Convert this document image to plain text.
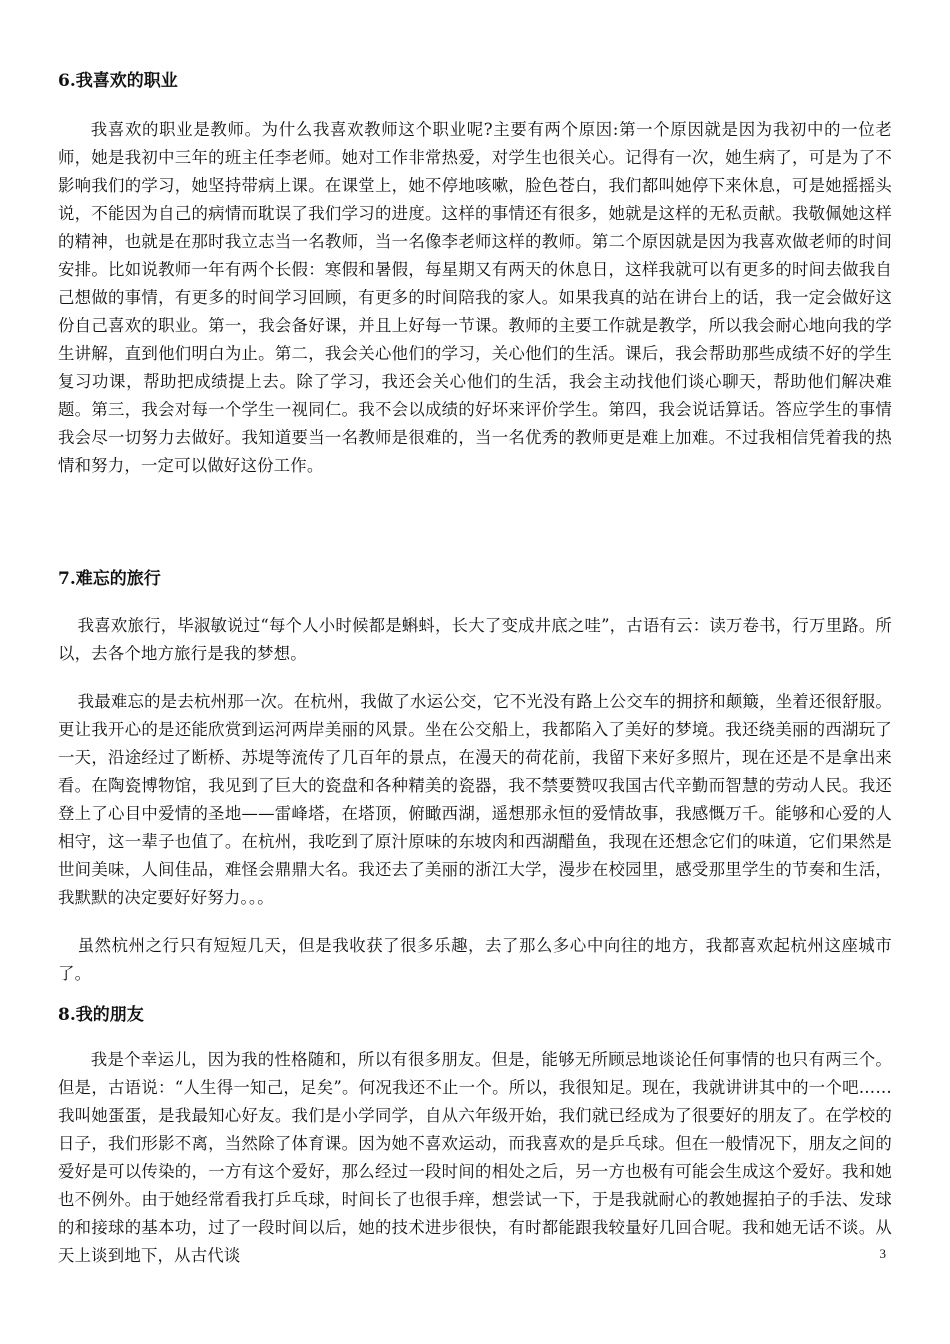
6.我喜欢的职业

我喜欢的职业是教师。为什么我喜欢教师这个职业呢?主要有两个原因:第一个原因就是因为我初中的一位老师，她是我初中三年的班主任李老师。她对工作非常热爱，对学生也很关心。记得有一次，她生病了，可是为了不影响我们的学习，她坚持带病上课。在课堂上，她不停地咳嗽，脸色苍白，我们都叫她停下来休息，可是她摇摇头说，不能因为自己的病情而耽误了我们学习的进度。这样的事情还有很多，她就是这样的无私贡献。我敬佩她这样的精神，也就是在那时我立志当一名教师，当一名像李老师这样的教师。第二个原因就是因为我喜欢做老师的时间安排。比如说教师一年有两个长假：寒假和暑假，每星期又有两天的休息日，这样我就可以有更多的时间去做我自己想做的事情，有更多的时间学习回顾，有更多的时间陪我的家人。如果我真的站在讲台上的话，我一定会做好这份自己喜欢的职业。第一，我会备好课，并且上好每一节课。教师的主要工作就是教学，所以我会耐心地向我的学生讲解，直到他们明白为止。第二，我会关心他们的学习，关心他们的生活。课后，我会帮助那些成绩不好的学生复习功课，帮助把成绩提上去。除了学习，我还会关心他们的生活，我会主动找他们谈心聊天，帮助他们解决难题。第三，我会对每一个学生一视同仁。我不会以成绩的好坏来评价学生。第四，我会说话算话。答应学生的事情我会尽一切努力去做好。我知道要当一名教师是很难的，当一名优秀的教师更是难上加难。不过我相信凭着我的热情和努力，一定可以做好这份工作。

7.难忘的旅行

我喜欢旅行，毕淑敏说过“每个人小时候都是蝌蚪，长大了变成井底之哇”，古语有云：读万卷书，行万里路。所以，去各个地方旅行是我的梦想。

我最难忘的是去杭州那一次。在杭州，我做了水运公交，它不光没有路上公交车的拥挤和颠簸，坐着还很舒服。更让我开心的是还能欣赏到运河两岸美丽的风景。坐在公交船上，我都陷入了美好的梦境。我还绕美丽的西湖玩了一天，沿途经过了断桥、苏堤等流传了几百年的景点，在漫天的荷花前，我留下来好多照片，现在还是不是拿出来看。在陶瓷博物馆，我见到了巨大的瓷盘和各种精美的瓷器，我不禁要赞叹我国古代辛勤而智慧的劳动人民。我还登上了心目中爱情的圣地——雷峰塔，在塔顶，俯瞰西湖，遥想那永恒的爱情故事，我感慨万千。能够和心爱的人相守，这一辈子也值了。在杭州，我吃到了原汁原味的东坡肉和西湖醋鱼，我现在还想念它们的味道，它们果然是世间美味，人间佳品，难怪会鼎鼎大名。我还去了美丽的浙江大学，漫步在校园里，感受那里学生的节奏和生活，我默默的决定要好好努力。。。

虽然杭州之行只有短短几天，但是我收获了很多乐趣，去了那么多心中向往的地方，我都喜欢起杭州这座城市了。

8.我的朋友

我是个幸运儿，因为我的性格随和，所以有很多朋友。但是，能够无所顾忌地谈论任何事情的也只有两三个。但是，古语说：“人生得一知己，足矣”。何况我还不止一个。所以，我很知足。现在，我就讲讲其中的一个吧……我叫她蛋蛋，是我最知心好友。我们是小学同学，自从六年级开始，我们就已经成为了很要好的朋友了。在学校的日子，我们形影不离，当然除了体育课。因为她不喜欢运动，而我喜欢的是乒乓球。但在一般情况下，朋友之间的爱好是可以传染的，一方有这个爱好，那么经过一段时间的相处之后，另一方也极有可能会生成这个爱好。我和她也不例外。由于她经常看我打乒乓球，时间长了也很手痒，想尝试一下，于是我就耐心的教她握拍子的手法、发球的和接球的基本功，过了一段时间以后，她的技术进步很快，有时都能跟我较量好几回合呢。我和她无话不谈。从天上谈到地下，从古代谈	3
